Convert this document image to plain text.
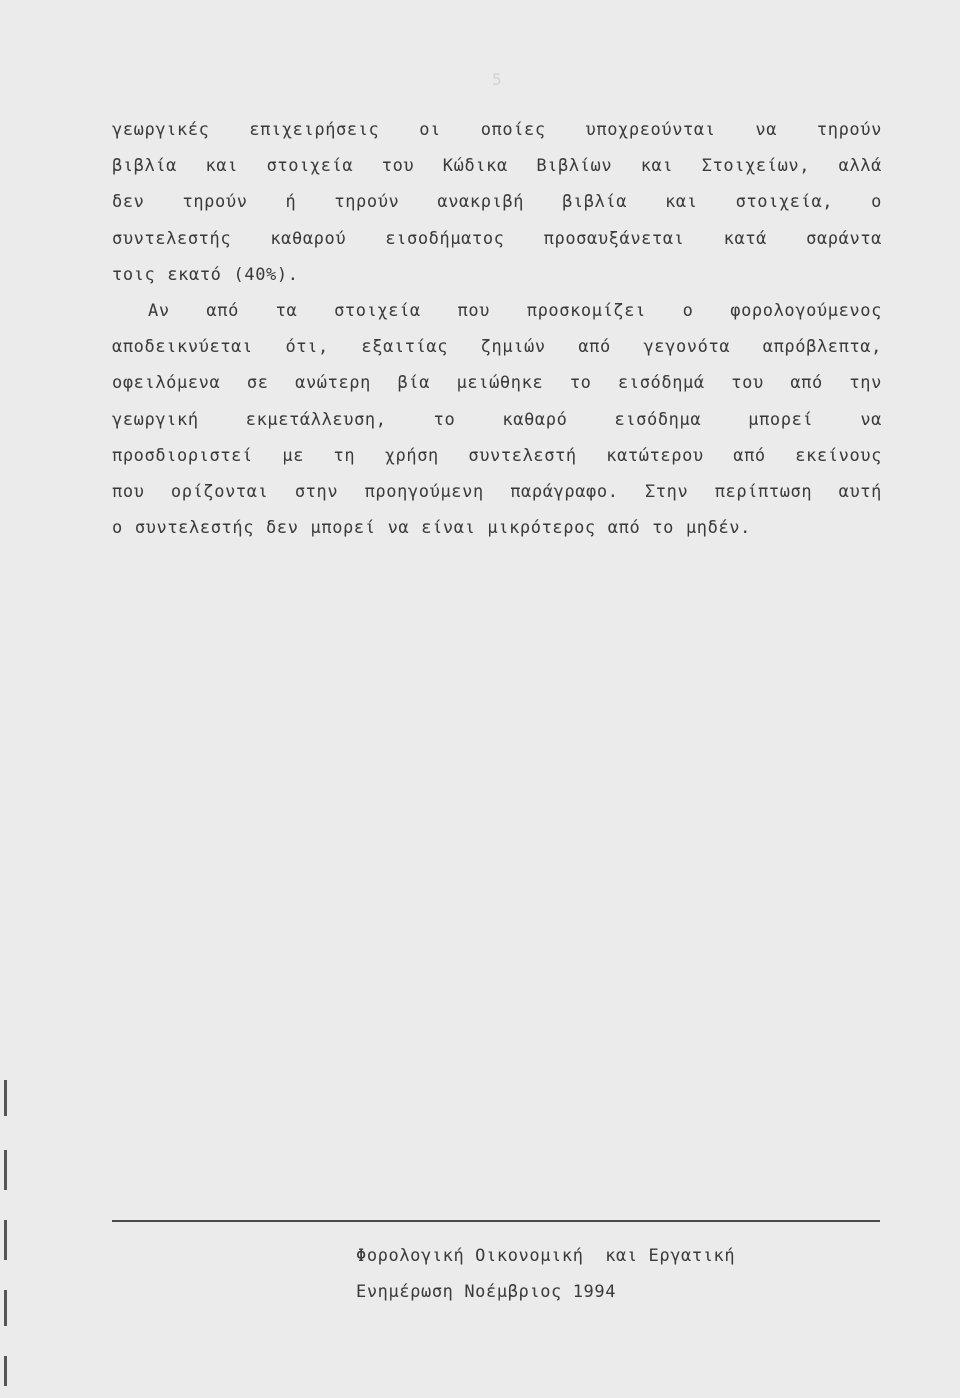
5
γεωργικές επιχειρήσεις οι οποίες υποχρεούνται να τηρούν
βιβλία και στοιχεία του Κώδικα Βιβλίων και Στοιχείων, αλλά
δεν τηρούν ή τηρούν ανακριβή βιβλία και στοιχεία, ο
συντελεστής καθαρού εισοδήματος προσαυξάνεται κατά σαράντα
τοις εκατό (40%).
Αν από τα στοιχεία που προσκομίζει ο φορολογούμενος
αποδεικνύεται ότι, εξαιτίας ζημιών από γεγονότα απρόβλεπτα,
οφειλόμενα σε ανώτερη βία μειώθηκε το εισόδημά του από την
γεωργική	εκμετάλλευση,	το	καθαρό	εισόδημα	μπορεί	να
προσδιοριστεί με τη χρήση συντελεστή κατώτερου από εκείνους
που ορίζονται στην προηγούμενη παράγραφο. Στην περίπτωση αυτή
ο συντελεστής δεν μπορεί να είναι μικρότερος από το μηδέν.
Φορολογική Οικονομική  και Εργατική
Ενημέρωση Νοέμβριος 1994
